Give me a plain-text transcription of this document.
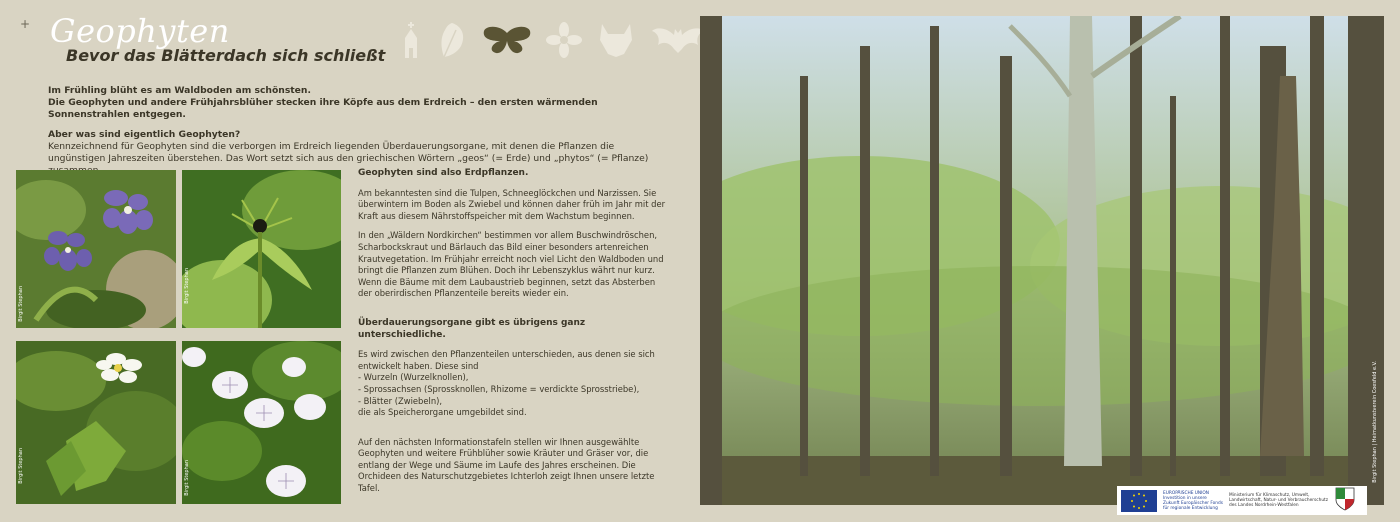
+ Geophyten
Bevor das Blätterdach sich schließt

Im Frühling blüht es am Waldboden am schönsten.
Die Geophyten und andere Frühjahrsblüher stecken ihre Köpfe aus dem Erdreich – den ersten wärmenden Sonnenstrahlen entgegen.

Aber was sind eigentlich Geophyten?
Kennzeichnend für Geophyten sind die verborgen im Erdreich liegenden Überdauerungsorgane, mit denen die Pflanzen die ungünstigen Jahreszeiten überstehen. Das Wort setzt sich aus den griechischen Wörtern „geos“ (= Erde) und „phytos“ (= Pflanze)

Birgit Stephan
Birgit Stephan
Birgit Stephan	Birgit Stephan

Geophyten sind also Erdpflanzen.

Am bekanntesten sind die Tulpen, Schneeglöckchen und Narzissen. Sie überwintern im Boden als Zwiebel und können daher früh im Jahr mit der Kraft aus diesem Nährstoffspeicher mit dem Wachstum beginnen.

In den „Wäldern Nordkirchen“ bestimmen vor allem Buschwindröschen, Scharbockskraut und Bärlauch das Bild einer besonders artenreichen Krautvegetation. Im Frühjahr erreicht noch viel Licht den Waldboden und bringt die Pflanzen zum Blühen. Doch ihr Lebenszyklus währt nur kurz. Wenn die Bäume mit dem Laubaustrieb beginnen, setzt das Absterben der oberirdischen Pflanzenteile bereits wieder ein.

Überdauerungsorgane gibt es übrigens ganz unterschiedliche.

Es wird zwischen den Pflanzenteilen unterschieden, aus denen sie sich entwickelt haben. Diese sind
- Wurzeln (Wurzelknollen),
- Sprossachsen (Sprossknollen, Rhizome = verdickte Sprosstriebe),
- Blätter (Zwiebeln),
die als Speicherorgane umgebildet sind.

Auf den nächsten Informationstafeln stellen wir Ihnen ausgewählte Geophyten und weitere Frühblüher sowie Kräuter und Gräser vor, die entlang der Wege und Säume im Laufe des Jahres erscheinen. Die Orchideen des Naturschutzgebietes Ichterloh zeigt Ihnen unsere letzte Tafel.

Birgit Stephan | Heimatkunstverein Coesfeld e.V.
EUROPÄISCHE UNION Investition in unsere Zukunft Europäischer Fonds für regionale Entwicklung
Ministerium für Klimaschutz, Umwelt, Landwirtschaft, Natur- und Verbraucherschutz des Landes Nordrhein-Westfalen
